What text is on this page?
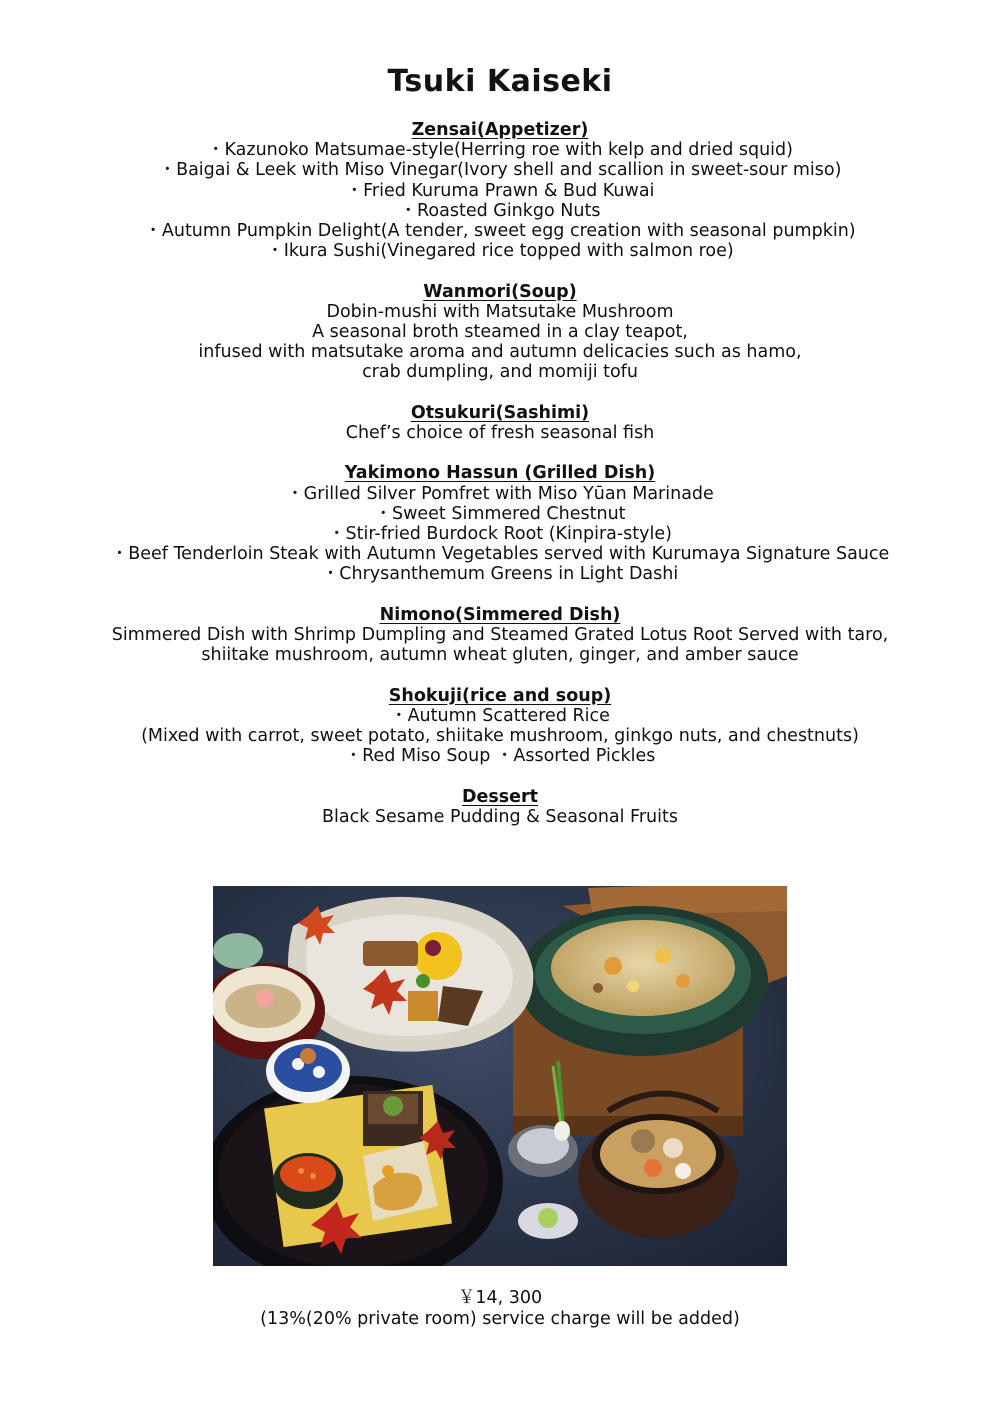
Tsuki Kaiseki
Zensai(Appetizer)
・Kazunoko Matsumae-style(Herring roe with kelp and dried squid)
・Baigai & Leek with Miso Vinegar(Ivory shell and scallion in sweet-sour miso)
・Fried Kuruma Prawn & Bud Kuwai
・Roasted Ginkgo Nuts
・Autumn Pumpkin Delight(A tender, sweet egg creation with seasonal pumpkin)
・Ikura Sushi(Vinegared rice topped with salmon roe)
Wanmori(Soup)
Dobin-mushi with Matsutake Mushroom
A seasonal broth steamed in a clay teapot,
infused with matsutake aroma and autumn delicacies such as hamo,
crab dumpling, and momiji tofu
Otsukuri(Sashimi)
Chef’s choice of fresh seasonal fish
Yakimono Hassun (Grilled Dish)
・Grilled Silver Pomfret with Miso Yūan Marinade
・Sweet Simmered Chestnut
・Stir-fried Burdock Root (Kinpira-style)
・Beef Tenderloin Steak with Autumn Vegetables served with Kurumaya Signature Sauce
・Chrysanthemum Greens in Light Dashi
Nimono(Simmered Dish)
Simmered Dish with Shrimp Dumpling and Steamed Grated Lotus Root Served with taro,
shiitake mushroom, autumn wheat gluten, ginger, and amber sauce
Shokuji(rice and soup)
・Autumn Scattered Rice
(Mixed with carrot, sweet potato, shiitake mushroom, ginkgo nuts, and chestnuts)
・Red Miso Soup ・Assorted Pickles
Dessert
Black Sesame Pudding & Seasonal Fruits
￥14, 300
(13%(20% private room) service charge will be added)
